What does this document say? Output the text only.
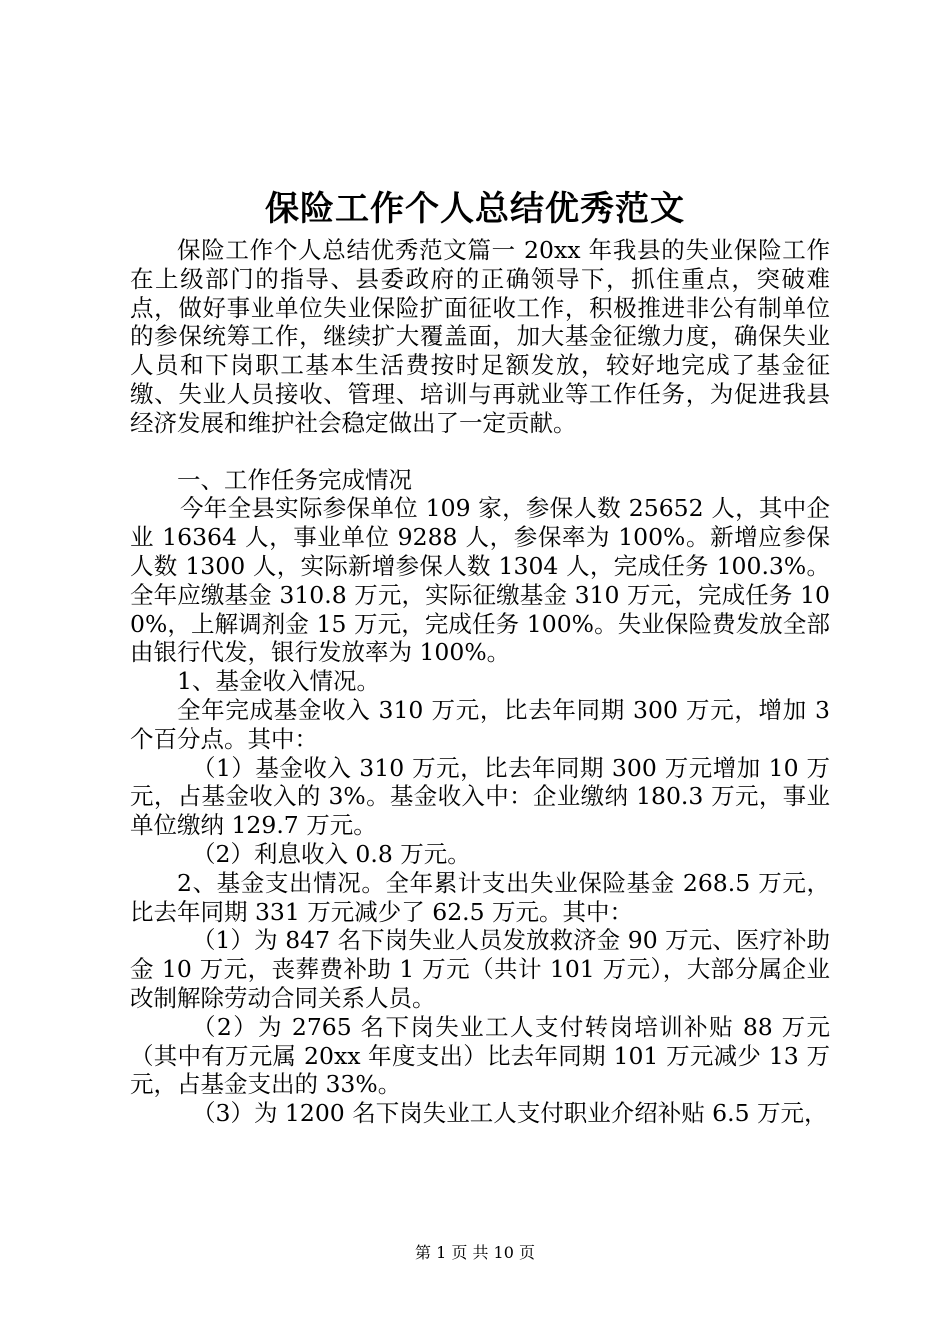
保险工作个人总结优秀范文

保险工作个人总结优秀范文篇一 20xx 年我县的失业保险工作在上级部门的指导、县委政府的正确领导下，抓住重点，突破难点，做好事业单位失业保险扩面征收工作，积极推进非公有制单位的参保统筹工作，继续扩大覆盖面，加大基金征缴力度，确保失业人员和下岗职工基本生活费按时足额发放，较好地完成了基金征缴、失业人员接收、管理、培训与再就业等工作任务，为促进我县经济发展和维护社会稳定做出了一定贡献。

一、工作任务完成情况

今年全县实际参保单位 109 家，参保人数 25652 人，其中企业 16364 人，事业单位 9288 人，参保率为 100%。新增应参保人数 1300 人，实际新增参保人数 1304 人，完成任务 100.3%。全年应缴基金 310.8 万元，实际征缴基金 310 万元，完成任务 100%，上解调剂金 15 万元，完成任务 100%。失业保险费发放全部由银行代发，银行发放率为 100%。

1、基金收入情况。

全年完成基金收入 310 万元，比去年同期 300 万元，增加 3 个百分点。其中：

（1）基金收入 310 万元，比去年同期 300 万元增加 10 万元，占基金收入的 3%。基金收入中：企业缴纳 180.3 万元，事业单位缴纳 129.7 万元。

（2）利息收入 0.8 万元。

2、基金支出情况。全年累计支出失业保险基金 268.5 万元，比去年同期 331 万元减少了 62.5 万元。其中：

（1）为 847 名下岗失业人员发放救济金 90 万元、医疗补助金 10 万元，丧葬费补助 1 万元（共计 101 万元），大部分属企业改制解除劳动合同关系人员。

（2）为 2765 名下岗失业工人支付转岗培训补贴 88 万元（其中有万元属 20xx 年度支出）比去年同期 101 万元减少 13 万元，占基金支出的 33%。

（3）为 1200 名下岗失业工人支付职业介绍补贴 6.5 万元，

第 1 页 共 10 页
